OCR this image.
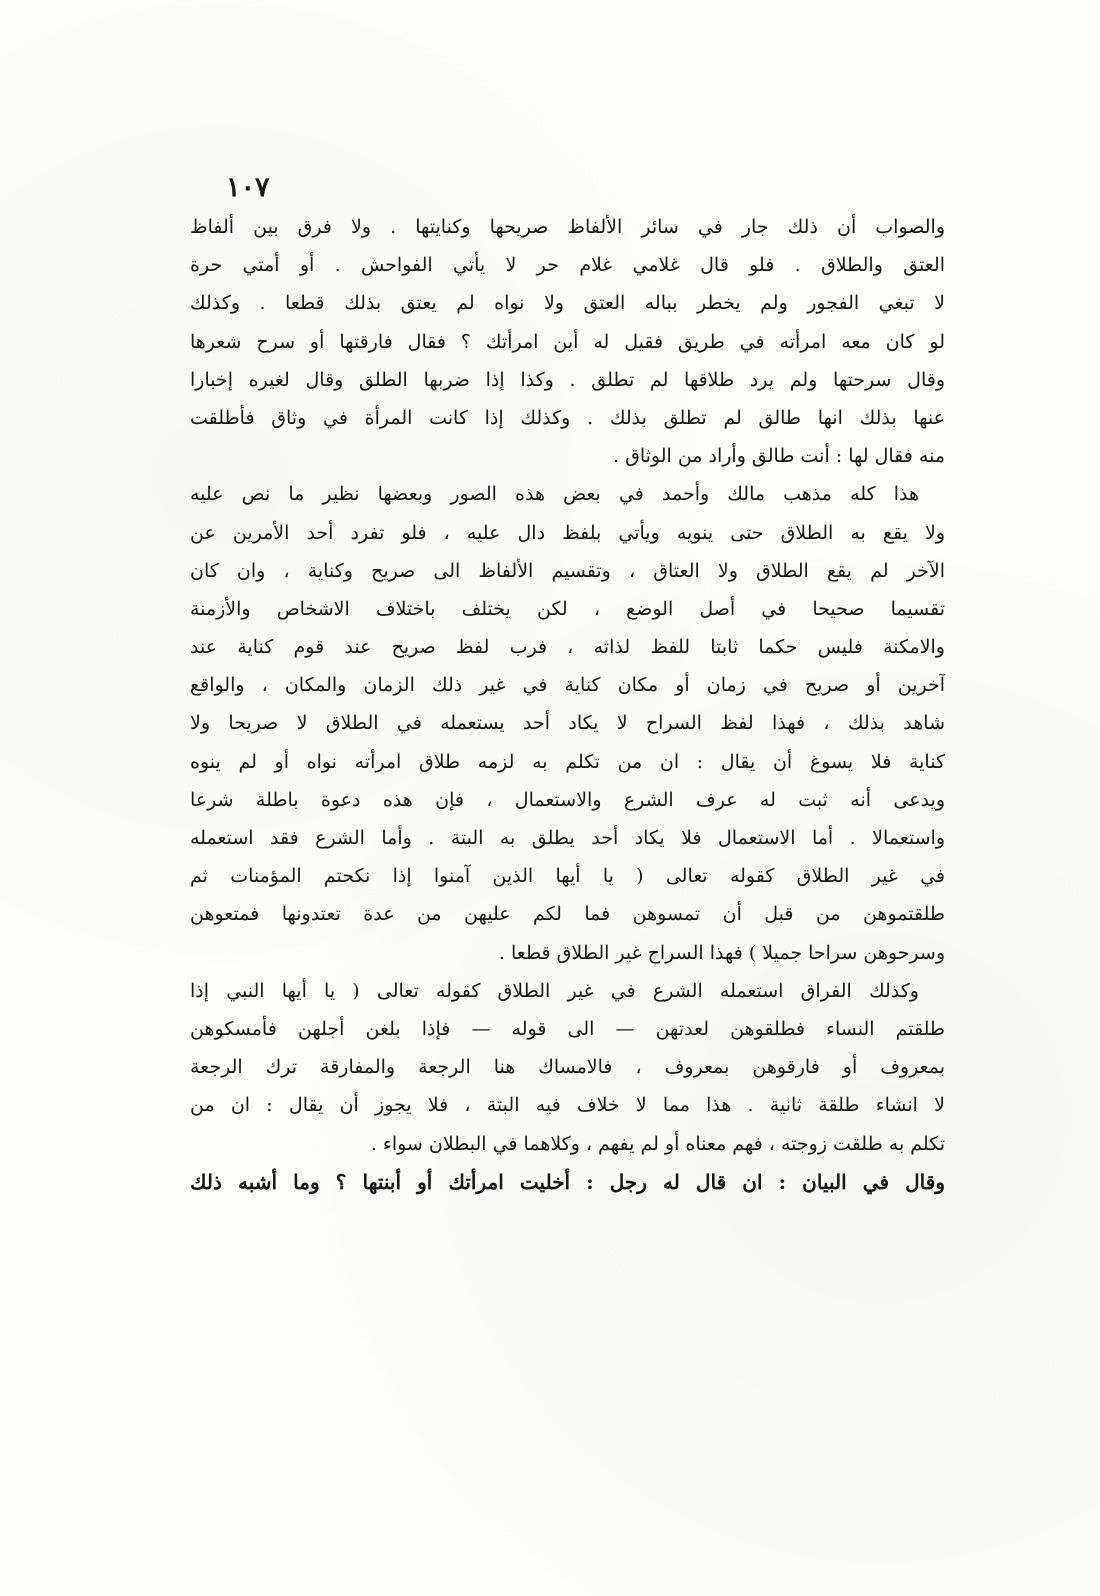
١٠٧
والصواب أن ذلك جار في سائر الألفاظ صريحها وكنايتها . ولا فرق بين ألفاظ
العتق والطلاق . فلو قال غلامي غلام حر لا يأتي الفواحش . أو أمتي حرة
لا تبغي الفجور ولم يخطر بباله العتق ولا نواه لم يعتق بذلك قطعا . وكذلك
لو كان معه امرأته في طريق فقيل له أين امرأتك ؟ فقال فارقتها أو سرح شعرها
وقال سرحتها ولم يرد طلاقها لم تطلق . وكذا إذا ضربها الطلق وقال لغيره إخبارا
عنها بذلك انها طالق لم تطلق بذلك . وكذلك إذا كانت المرأة في وثاق فأطلقت
منه فقال لها : أنت طالق وأراد من الوثاق .
هذا كله مذهب مالك وأحمد في بعض هذه الصور وبعضها نظير ما نص عليه
ولا يقع به الطلاق حتى ينويه ويأتي بلفظ دال عليه ، فلو تفرد أحد الأمرين عن
الآخر لم يقع الطلاق ولا العتاق ، وتقسيم الألفاظ الى صريح وكناية ، وان كان
تقسيما صحيحا في أصل الوضع ، لكن يختلف باختلاف الاشخاص والأزمنة
والامكنة فليس حكما ثابتا للفظ لذاته ، فرب لفظ صريح عند قوم كناية عند
آخرين أو صريح في زمان أو مكان كناية في غير ذلك الزمان والمكان ، والواقع
شاهد بذلك ، فهذا لفظ السراح لا يكاد أحد يستعمله في الطلاق لا صريحا ولا
كناية فلا يسوغ أن يقال : ان من تكلم به لزمه طلاق امرأته نواه أو لم ينوه
ويدعى أنه ثبت له عرف الشرع والاستعمال ، فإن هذه دعوة باطلة شرعا
واستعمالا . أما الاستعمال فلا يكاد أحد يطلق به البتة . وأما الشرع فقد استعمله
في غير الطلاق كقوله تعالى ( يا أيها الذين آمنوا إذا نكحتم المؤمنات ثم
طلقتموهن من قبل أن تمسوهن فما لكم عليهن من عدة تعتدونها فمتعوهن
وسرحوهن سراحا جميلا ) فهذا السراح غير الطلاق قطعا .
وكذلك الفراق استعمله الشرع في غير الطلاق كقوله تعالى ( يا أيها النبي إذا
طلقتم النساء فطلقوهن لعدتهن — الى قوله — فإذا بلغن أجلهن فأمسكوهن
بمعروف أو فارقوهن بمعروف ، فالامساك هنا الرجعة والمفارقة ترك الرجعة
لا انشاء طلقة ثانية . هذا مما لا خلاف فيه البتة ، فلا يجوز أن يقال : ان من
تكلم به طلقت زوجته ، فهم معناه أو لم يفهم ، وكلاهما في البطلان سواء .
وقال في البيان : ان قال له رجل : أخليت امرأتك أو أبنتها ؟ وما أشبه ذلك
